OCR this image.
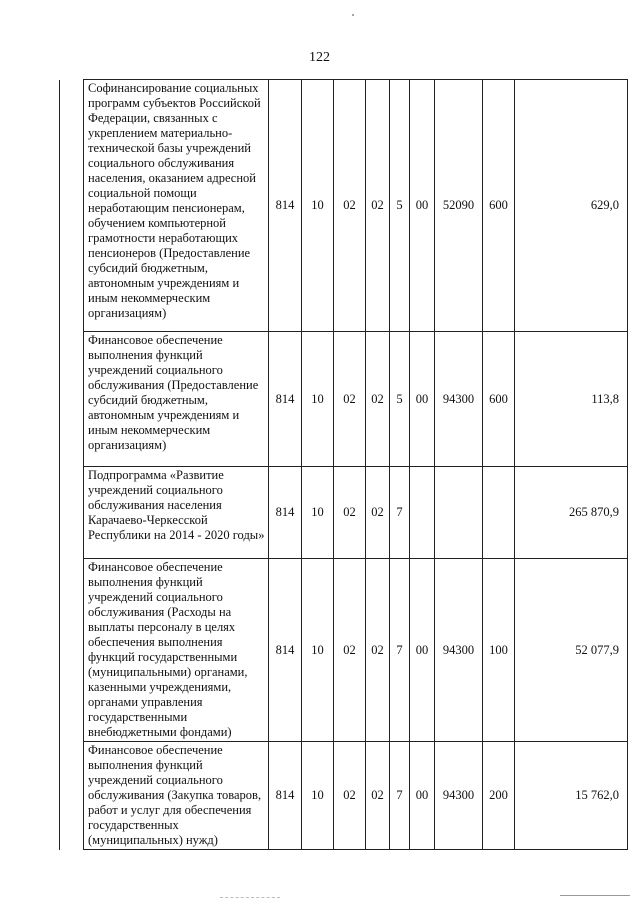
122
	Софинансирование социальных программ субъектов Российской Федерации, связанных с укреплением материально-технической базы учреждений социального обслуживания населения, оказанием адресной социальной помощи неработающим пенсионерам, обучением компьютерной грамотности неработающих пенсионеров (Предоставление субсидий бюджетным, автономным учреждениям и иным некоммерческим организациям)	814	10	02	02	5	00	52090	600	629,0
	Финансовое обеспечение выполнения функций учреждений социального обслуживания (Предоставление субсидий бюджетным, автономным учреждениям и иным некоммерческим организациям)	814	10	02	02	5	00	94300	600	113,8
	Подпрограмма «Развитие учреждений социального обслуживания населения Карачаево-Черкесской Республики на 2014 - 2020 годы»	814	10	02	02	7				265 870,9
	Финансовое обеспечение выполнения функций учреждений социального обслуживания (Расходы на выплаты персоналу в целях обеспечения выполнения функций государственными (муниципальными) органами, казенными учреждениями, органами управления государственными внебюджетными фондами)	814	10	02	02	7	00	94300	100	52 077,9
	Финансовое обеспечение выполнения функций учреждений социального обслуживания (Закупка товаров, работ и услуг для обеспечения государственных (муниципальных) нужд)	814	10	02	02	7	00	94300	200	15 762,0
